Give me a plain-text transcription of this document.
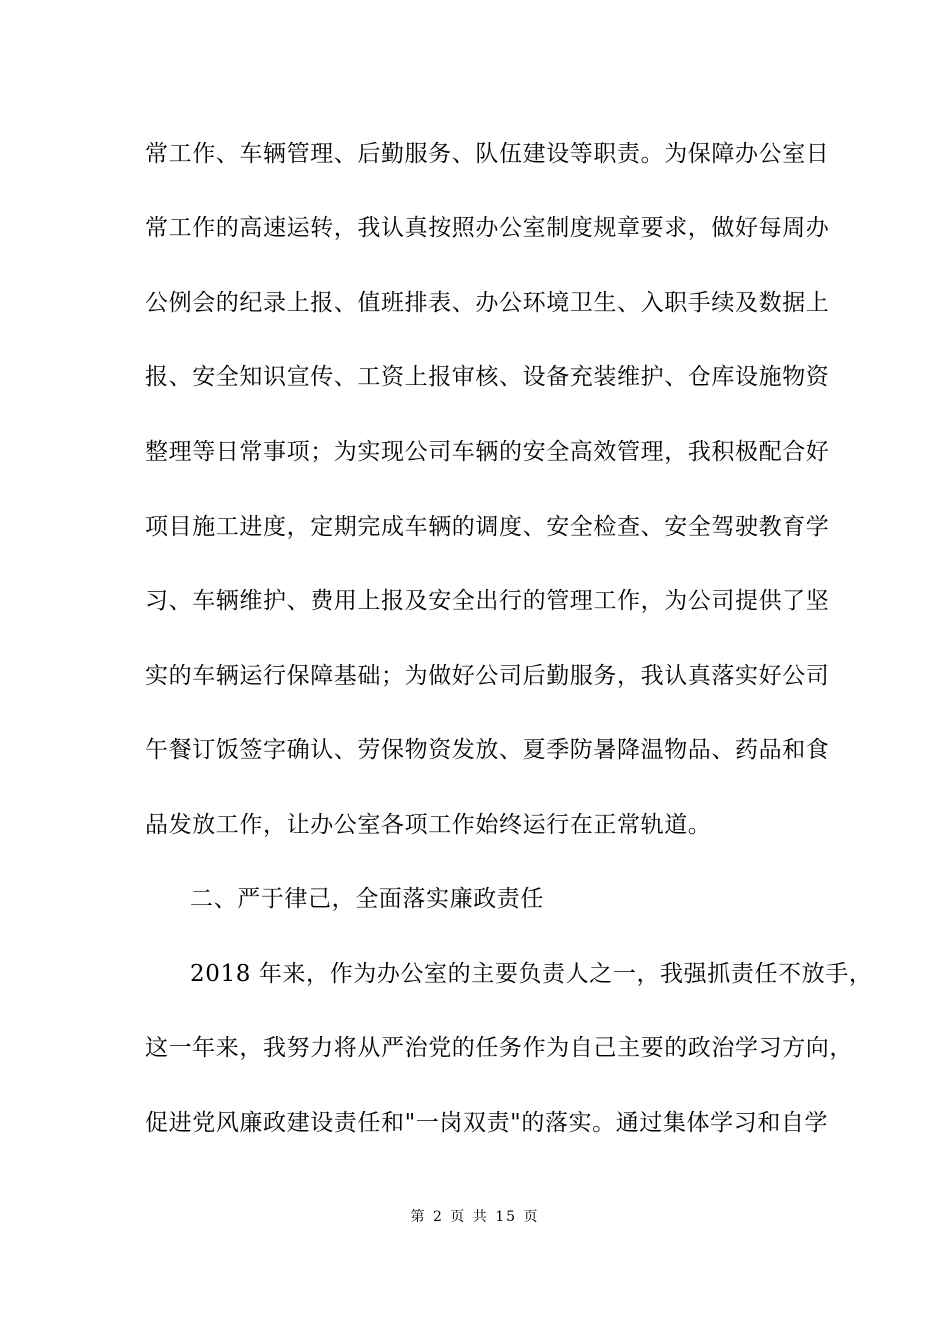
常工作、车辆管理、后勤服务、队伍建设等职责。为保障办公室日
常工作的高速运转，我认真按照办公室制度规章要求，做好每周办
公例会的纪录上报、值班排表、办公环境卫生、入职手续及数据上
报、安全知识宣传、工资上报审核、设备充装维护、仓库设施物资
整理等日常事项；为实现公司车辆的安全高效管理，我积极配合好
项目施工进度，定期完成车辆的调度、安全检查、安全驾驶教育学
习、车辆维护、费用上报及安全出行的管理工作，为公司提供了坚
实的车辆运行保障基础；为做好公司后勤服务，我认真落实好公司
午餐订饭签字确认、劳保物资发放、夏季防暑降温物品、药品和食
品发放工作，让办公室各项工作始终运行在正常轨道。
二、严于律己，全面落实廉政责任
2018 年来，作为办公室的主要负责人之一，我强抓责任不放手，
这一年来，我努力将从严治党的任务作为自己主要的政治学习方向，
促进党风廉政建设责任和"一岗双责"的落实。通过集体学习和自学
第 2 页 共 15 页
